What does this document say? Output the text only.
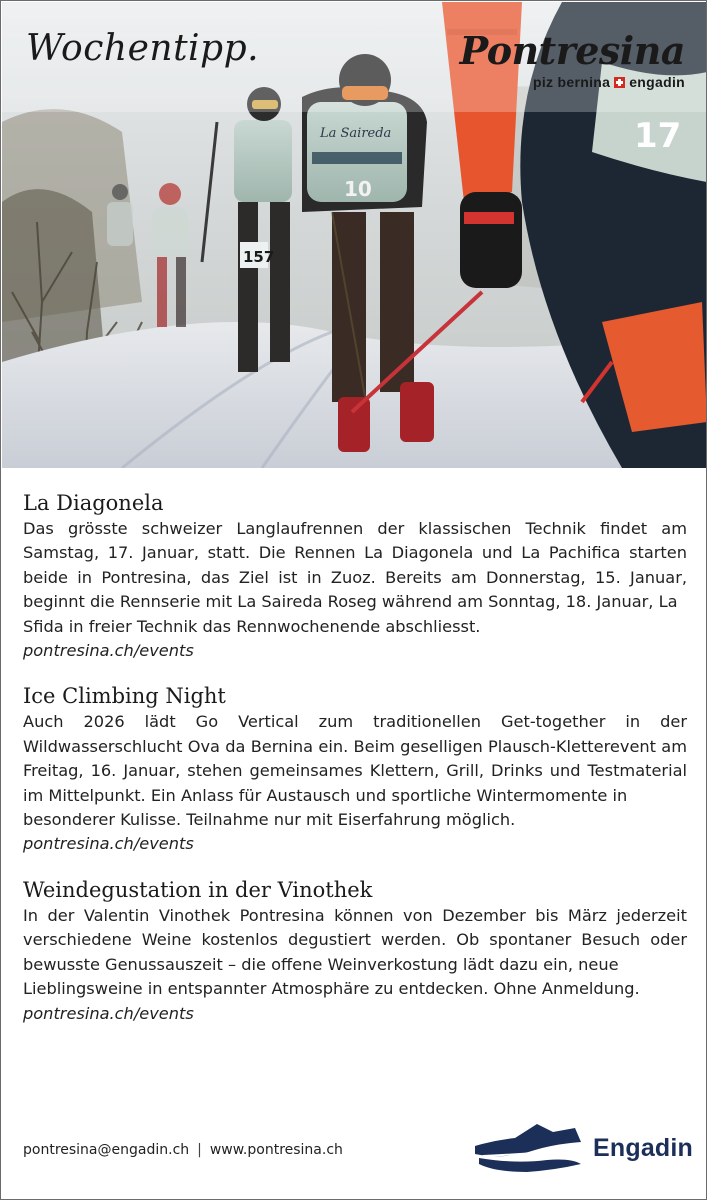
157
La Saireda
10
17
Wochentipp.	Pontresina
piz bernina engadin
La Diagonela

Das grösste schweizer Langlaufrennen der klassischen Technik findet am Samstag, 17. Januar, statt. Die Rennen La Diagonela und La Pachifica starten beide in Pontresina, das Ziel ist in Zuoz. Bereits am Donnerstag, 15. Januar, beginnt die Rennserie mit La Saireda Roseg während am Sonntag, 18. Januar, La

Sfida in freier Technik das Rennwochenende abschliesst.

pontresina.ch/events
Ice Climbing Night

Auch 2026 lädt Go Vertical zum traditionellen Get-together in der Wildwasserschlucht Ova da Bernina ein. Beim geselligen Plausch-Kletterevent am Freitag, 16. Januar, stehen gemeinsames Klettern, Grill, Drinks und Testmaterial im Mittelpunkt. Ein Anlass für Austausch und sportliche Wintermomente in

besonderer Kulisse. Teilnahme nur mit Eiserfahrung möglich.

pontresina.ch/events
Weindegustation in der Vinothek

In der Valentin Vinothek Pontresina können von Dezember bis März jederzeit verschiedene Weine kostenlos degustiert werden. Ob spontaner Besuch oder bewusste Genussauszeit – die offene Weinverkostung lädt dazu ein, neue

Lieblingsweine in entspannter Atmosphäre zu entdecken. Ohne Anmeldung.

pontresina.ch/events
pontresina@engadin.ch | www.pontresina.ch	Engadin
